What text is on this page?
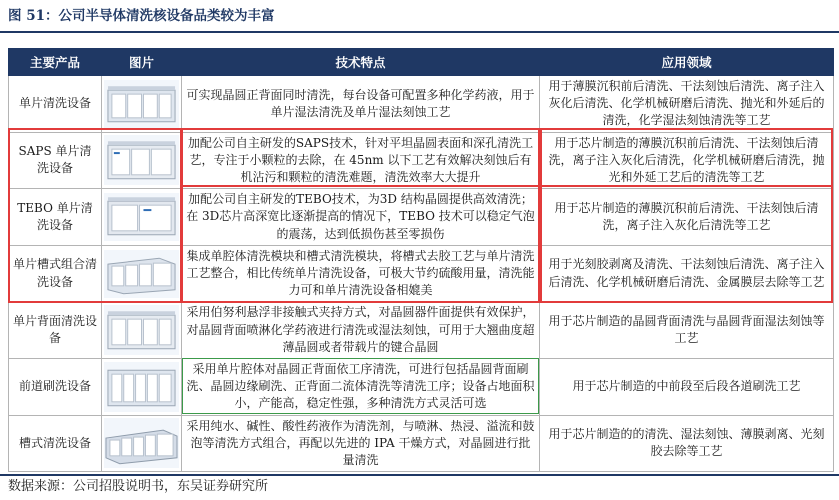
图 51：公司半导体清洗核设备品类较为丰富
主要产品	图片	技术特点	应用领域
单片清洗设备		可实现晶圆正背面同时清洗，每台设备可配置多种化学药液，用于单片湿法清洗及单片湿法刻蚀工艺	用于薄膜沉积前后清洗、干法刻蚀后清洗、离子注入灰化后清洗、化学机械研磨后清洗、抛光和外延后的清洗，化学湿法刻蚀清洗等工艺
SAPS 单片清洗设备		加配公司自主研发的SAPS技术，针对平坦晶圆表面和深孔清洗工艺，专注于小颗粒的去除，在 45nm 以下工艺有效解决刻蚀后有机沾污和颗粒的清洗难题，清洗效率大大提升	用于芯片制造的薄膜沉积前后清洗、干法刻蚀后清洗，离子注入灰化后清洗，化学机械研磨后清洗，抛光和外延工艺后的清洗等工艺
TEBO 单片清洗设备		加配公司自主研发的TEBO技术，为3D 结构晶圆提供高效清洗；在 3D芯片高深宽比逐渐提高的情况下，TEBO 技术可以稳定气泡的震荡，达到低损伤甚至零损伤	用于芯片制造的薄膜沉积前后清洗、干法刻蚀后清洗，离子注入灰化后清洗等工艺
单片槽式组合清洗设备		集成单腔体清洗模块和槽式清洗模块，将槽式去胶工艺与单片清洗工艺整合，相比传统单片清洗设备，可极大节约硫酸用量，清洗能力可和单片清洗设备相媲美	用于光刻胶剥离及清洗、干法刻蚀后清洗、离子注入后清洗、化学机械研磨后清洗、金属膜层去除等工艺
单片背面清洗设备		采用伯努利悬浮非接触式夹持方式，对晶圆器件面提供有效保护，对晶圆背面喷淋化学药液进行清洗或湿法刻蚀，可用于大翘曲度超薄晶圆或者带载片的键合晶圆	用于芯片制造的晶圆背面清洗与晶圆背面湿法刻蚀等工艺
前道刷洗设备		采用单片腔体对晶圆正背面依工序清洗，可进行包括晶圆背面刷洗、晶圆边缘刷洗、正背面二流体清洗等清洗工序；设备占地面积小，产能高，稳定性强，多种清洗方式灵活可选	用于芯片制造的中前段至后段各道刷洗工艺
槽式清洗设备		采用纯水、碱性、酸性药液作为清洗剂，与喷淋、热浸、溢流和鼓泡等清洗方式组合，再配以先进的 IPA 干燥方式，对晶圆进行批量清洗	用于芯片制造的的清洗、湿法刻蚀、薄膜剥离、光刻胶去除等工艺
数据来源：公司招股说明书，东吴证券研究所
